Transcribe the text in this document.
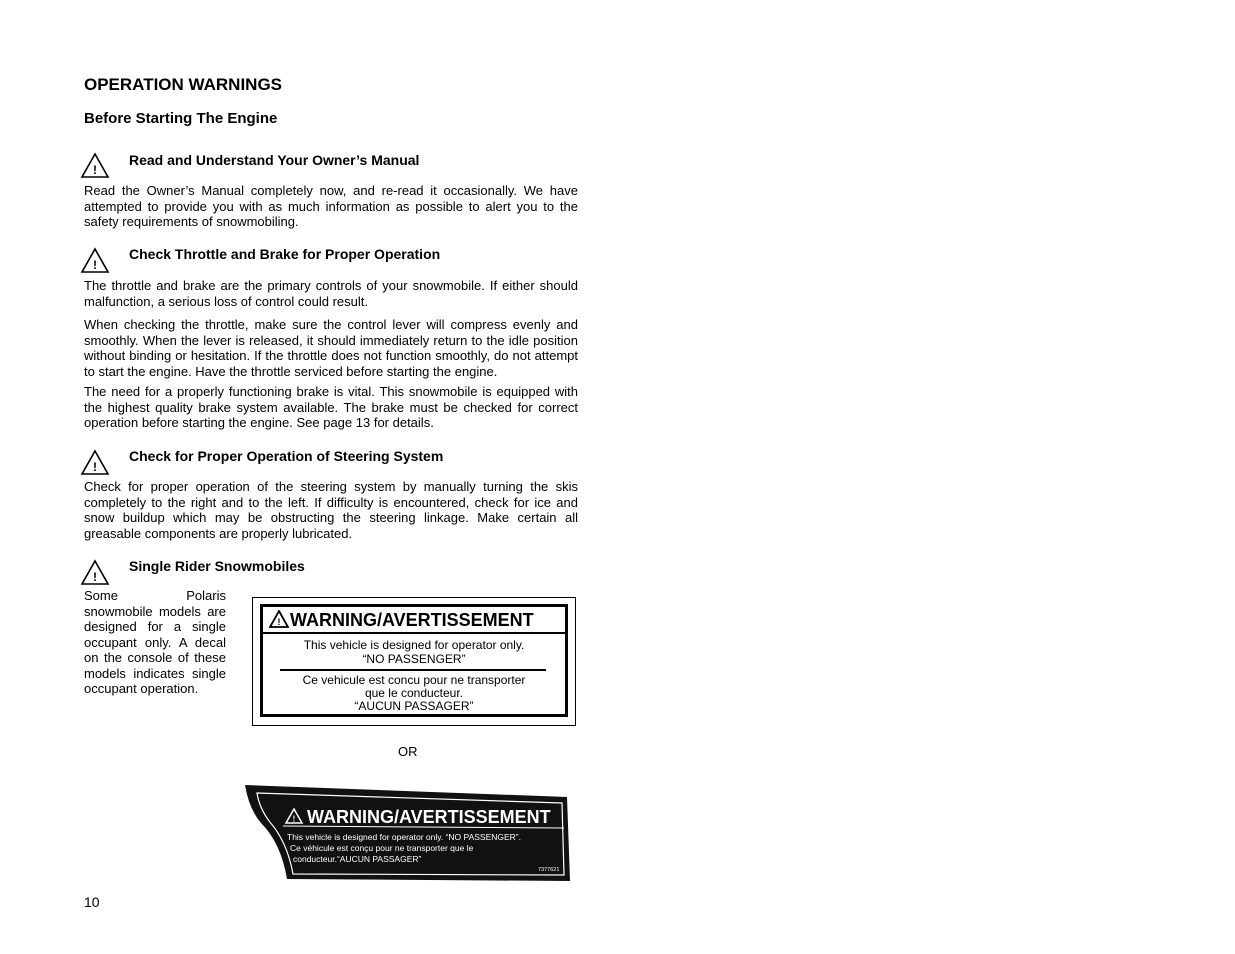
OPERATION WARNINGS
Before Starting The Engine
!
Read and Understand Your Owner’s Manual

Read the Owner’s Manual completely now, and re-read it occasionally. We have attempted to provide you with as much information as possible to alert you to the safety requirements of snowmobiling.

!
Check Throttle and Brake for Proper Operation

The throttle and brake are the primary controls of your snowmobile. If either should malfunction, a serious loss of control could result.

When checking the throttle, make sure the control lever will compress evenly and smoothly. When the lever is released, it should immediately return to the idle position without binding or hesitation. If the throttle does not function smoothly, do not attempt to start the engine. Have the throttle serviced before starting the engine.

The need for a properly functioning brake is vital. This snowmobile is equipped with the highest quality brake system available. The brake must be checked for correct operation before starting the engine. See page 13 for details.

!
Check for Proper Operation of Steering System

Check for proper operation of the steering system by manually turning the skis completely to the right and to the left. If difficulty is encountered, check for ice and snow buildup which may be obstructing the steering linkage. Make certain all greasable components are properly lubricated.

!
Single Rider Snowmobiles

Some Polaris snowmobile models are designed for a single occupant only. A decal on the console of these models indicates single occupant operation.

! WARNING/AVERTISSEMENT
This vehicle is designed for operator only.
“NO PASSENGER”
Ce vehicule est concu pour ne transporter
que le conducteur.
“AUCUN PASSAGER”
OR
! WARNING/AVERTISSEMENT
This vehicle is designed for operator only. “NO PASSENGER”.
Ce véhicule est conçu pour ne transporter que le
conducteur.“AUCUN PASSAGER”
7377621
10
